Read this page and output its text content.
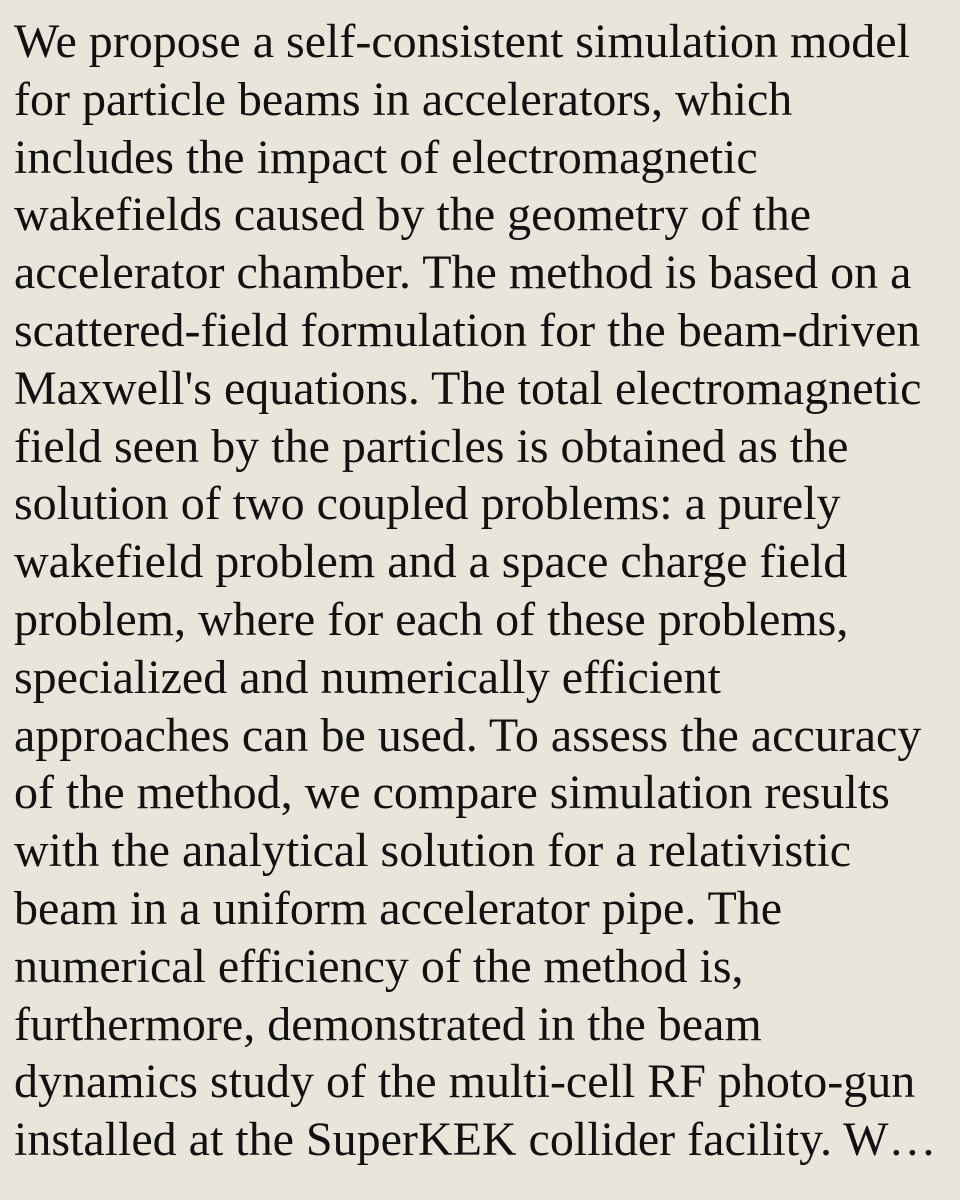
We propose a self-consistent simulation model
for particle beams in accelerators, which
includes the impact of electromagnetic
wakefields caused by the geometry of the
accelerator chamber. The method is based on a
scattered-field formulation for the beam-driven
Maxwell's equations. The total electromagnetic
field seen by the particles is obtained as the
solution of two coupled problems: a purely
wakefield problem and a space charge field
problem, where for each of these problems,
specialized and numerically efficient
approaches can be used. To assess the accuracy
of the method, we compare simulation results
with the analytical solution for a relativistic
beam in a uniform accelerator pipe. The
numerical efficiency of the method is,
furthermore, demonstrated in the beam
dynamics study of the multi-cell RF photo-gun
installed at the SuperKEK collider facility. W…
